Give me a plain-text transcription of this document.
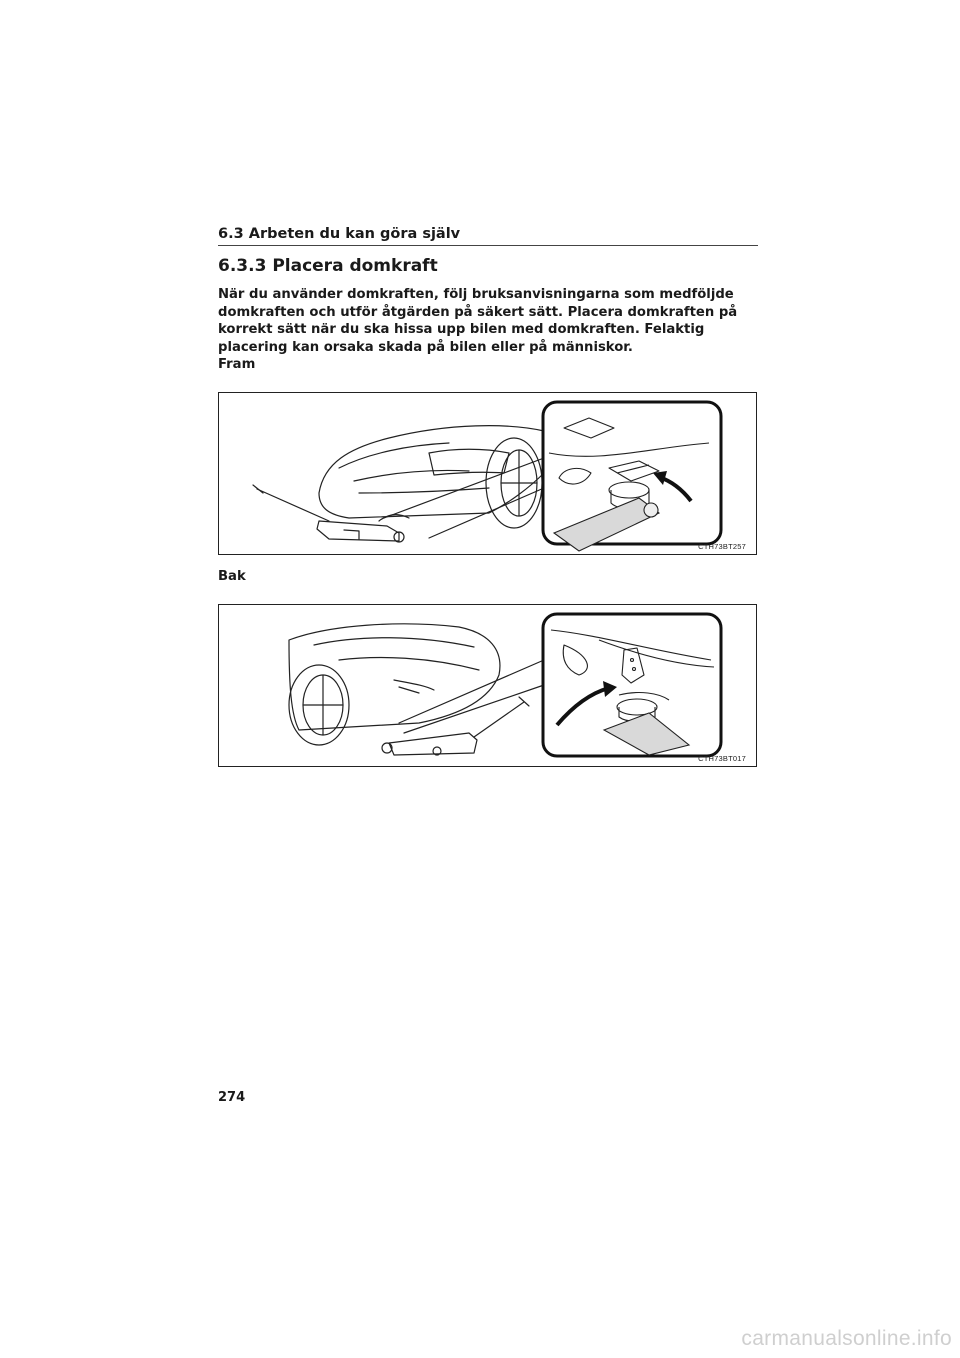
6.3 Arbeten du kan göra själv
6.3.3 Placera domkraft
När du använder domkraften, följ bruksanvisningarna som medföljde domkraften och utför åtgärden på säkert sätt. Placera domkraften på korrekt sätt när du ska hissa upp bilen med domkraften. Felaktig placering kan orsaka skada på bilen eller på människor.
Fram
CTH73BT257
Bak
CTH73BT017
274
carmanualsonline.info
